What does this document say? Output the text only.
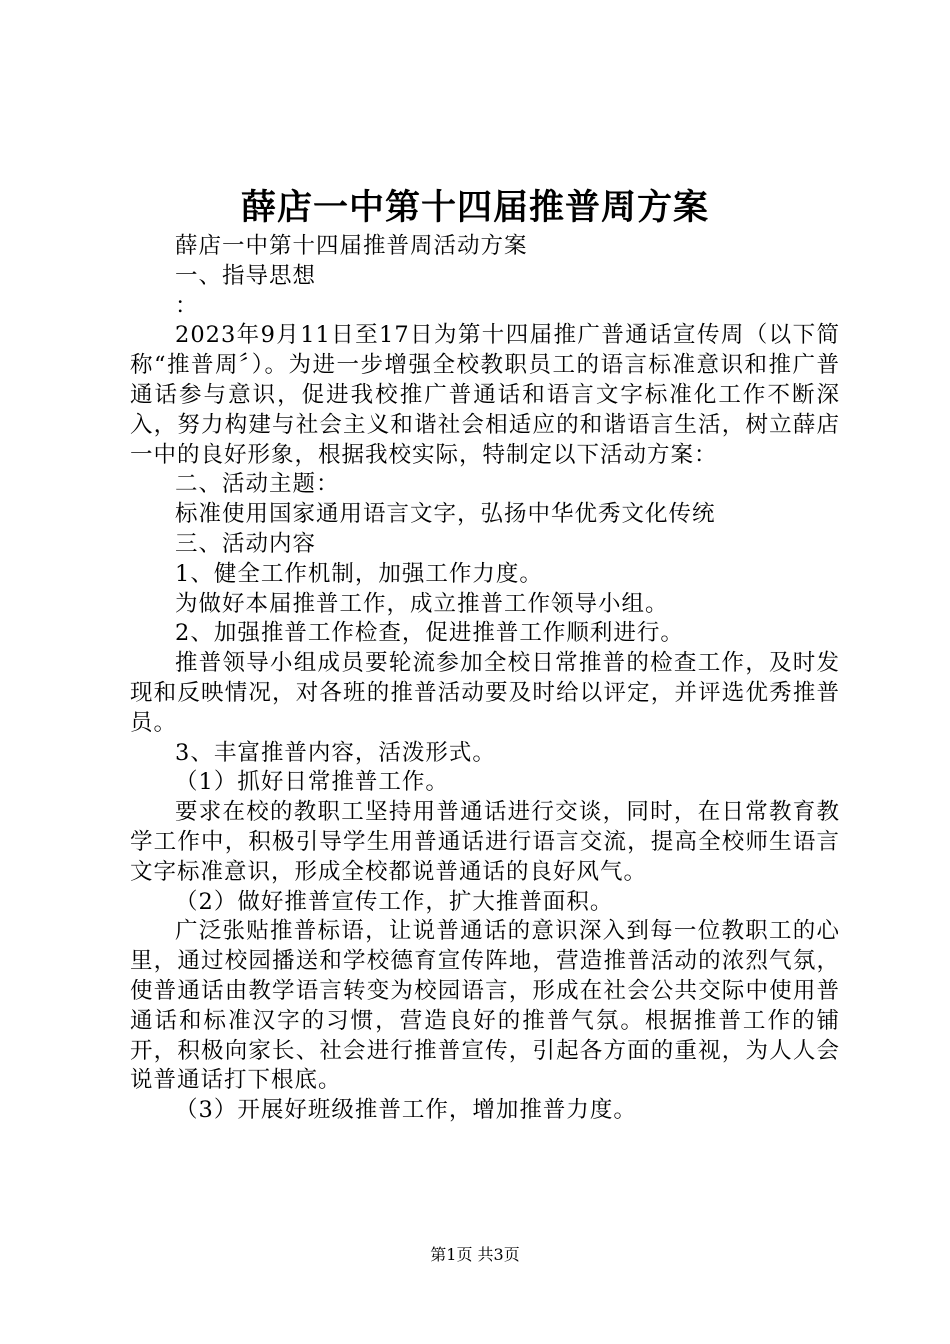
薛店一中第十四届推普周方案

薛店一中第十四届推普周活动方案

一、指导思想

：

2023年9月11日至17日为第十四届推广普通话宣传周（以下简称“推普周〞）。为进一步增强全校教职员工的语言标准意识和推广普通话参与意识，促进我校推广普通话和语言文字标准化工作不断深入，努力构建与社会主义和谐社会相适应的和谐语言生活，树立薛店一中的良好形象，根据我校实际，特制定以下活动方案：

二、活动主题：

标准使用国家通用语言文字，弘扬中华优秀文化传统

三、活动内容

1、健全工作机制，加强工作力度。

为做好本届推普工作，成立推普工作领导小组。

2、加强推普工作检查，促进推普工作顺利进行。

推普领导小组成员要轮流参加全校日常推普的检查工作，及时发现和反映情况，对各班的推普活动要及时给以评定，并评选优秀推普员。

3、丰富推普内容，活泼形式。

（1）抓好日常推普工作。

要求在校的教职工坚持用普通话进行交谈，同时，在日常教育教学工作中，积极引导学生用普通话进行语言交流，提高全校师生语言文字标准意识，形成全校都说普通话的良好风气。

（2）做好推普宣传工作，扩大推普面积。

广泛张贴推普标语，让说普通话的意识深入到每一位教职工的心里，通过校园播送和学校德育宣传阵地，营造推普活动的浓烈气氛，使普通话由教学语言转变为校园语言，形成在社会公共交际中使用普通话和标准汉字的习惯，营造良好的推普气氛。根据推普工作的铺开，积极向家长、社会进行推普宣传，引起各方面的重视，为人人会说普通话打下根底。

（3）开展好班级推普工作，增加推普力度。

第1页 共3页
